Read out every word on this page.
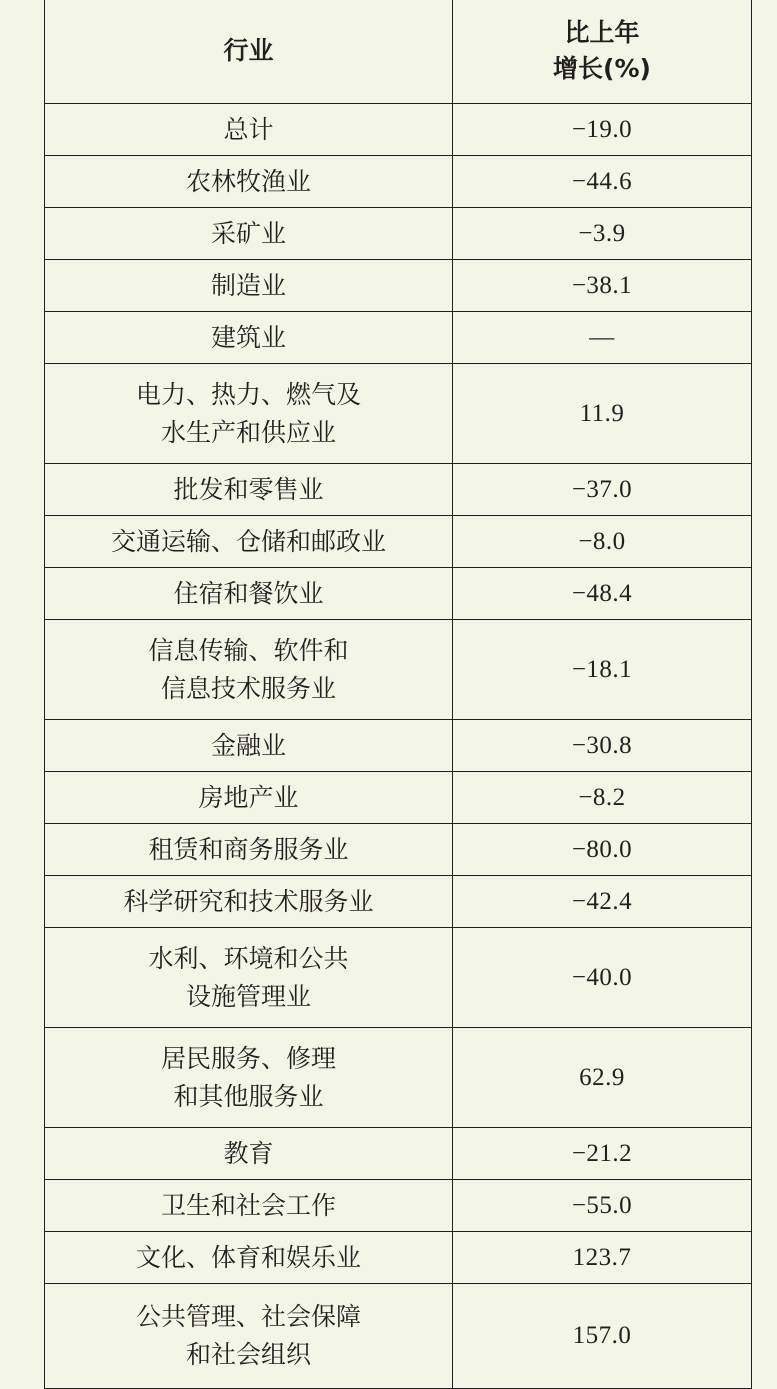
行业	比上年
增长(%)

总计	−19.0

农林牧渔业	−44.6

采矿业	−3.9

制造业	−38.1

建筑业	—

电力、热力、燃气及
水生产和供应业	11.9

批发和零售业	−37.0

交通运输、仓储和邮政业	−8.0

住宿和餐饮业	−48.4

信息传输、软件和
信息技术服务业	−18.1

金融业	−30.8

房地产业	−8.2

租赁和商务服务业	−80.0

科学研究和技术服务业	−42.4

水利、环境和公共
设施管理业	−40.0

居民服务、修理
和其他服务业	62.9

教育	−21.2

卫生和社会工作	−55.0

文化、体育和娱乐业	123.7

公共管理、社会保障
和社会组织	157.0
